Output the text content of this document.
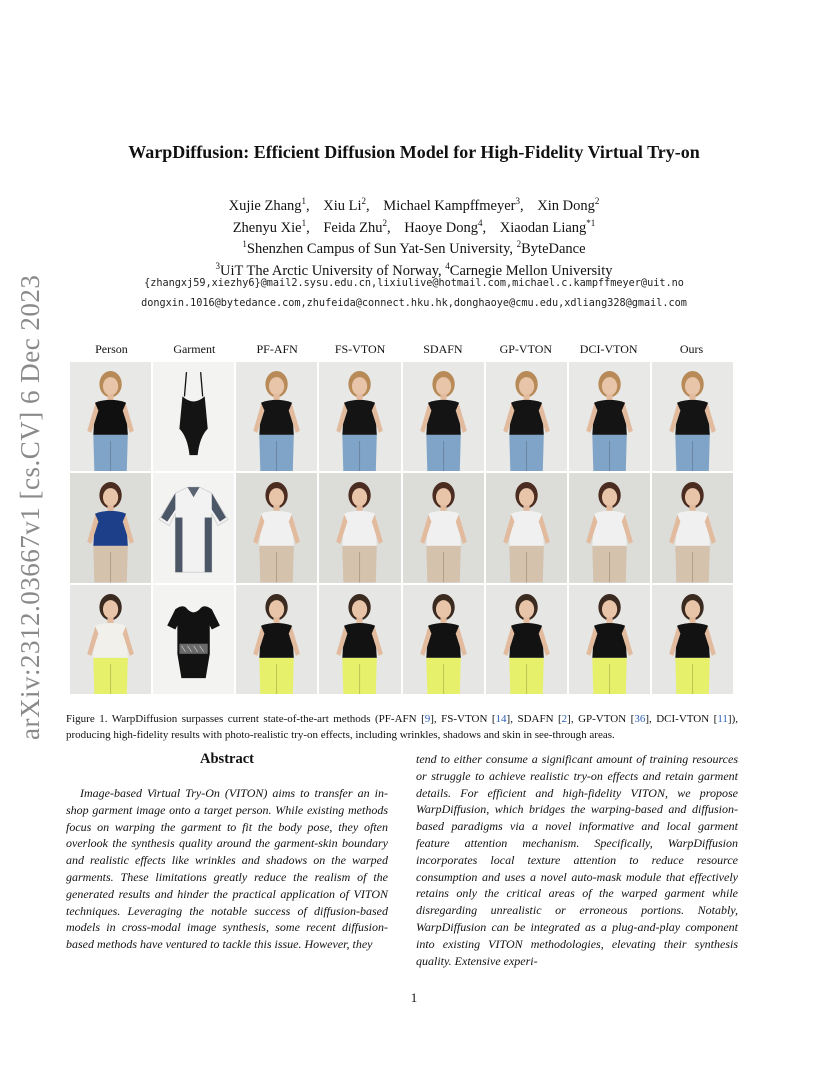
arXiv:2312.03667v1 [cs.CV] 6 Dec 2023
WarpDiffusion: Efficient Diffusion Model for High-Fidelity Virtual Try-on
Xujie Zhang$^1$, Xiu Li$^2$, Michael Kampffmeyer$^3$, Xin Dong$^2$
Zhenyu Xie$^1$, Feida Zhu$^2$, Haoye Dong$^4$, Xiaodan Liang$^{*1}$
$^1$Shenzhen Campus of Sun Yat-Sen University, $^2$ByteDance
$^3$UiT The Arctic University of Norway, $^4$Carnegie Mellon University
{zhangxj59,xiezhy6}@mail2.sysu.edu.cn,lixiulive@hotmail.com,michael.c.kampffmeyer@uit.no
dongxin.1016@bytedance.com,zhufeida@connect.hku.hk,donghaoye@cmu.edu,xdliang328@gmail.com
Person	Garment	PF-AFN	FS-VTON	SDAFN	GP-VTON	DCI-VTON	Ours
Figure 1. WarpDiffusion surpasses current state-of-the-art methods (PF-AFN [9], FS-VTON [14], SDAFN [2], GP-VTON [36], DCI-VTON [11]), producing high-fidelity results with photo-realistic try-on effects, including wrinkles, shadows and skin in see-through areas.
Abstract

Image-based Virtual Try-On (VITON) aims to transfer an in-shop garment image onto a target person. While existing methods focus on warping the garment to fit the body pose, they often overlook the synthesis quality around the garment-skin boundary and realistic effects like wrinkles and shadows on the warped garments. These limitations greatly reduce the realism of the generated results and hinder the practical application of VITON techniques. Leveraging the notable success of diffusion-based models in cross-modal image synthesis, some recent diffusion-based methods have ventured to tackle this issue. However, they

tend to either consume a significant amount of training resources or struggle to achieve realistic try-on effects and retain garment details. For efficient and high-fidelity VITON, we propose WarpDiffusion, which bridges the warping-based and diffusion-based paradigms via a novel informative and local garment feature attention mechanism. Specifically, WarpDiffusion incorporates local texture attention to reduce resource consumption and uses a novel auto-mask module that effectively retains only the critical areas of the warped garment while disregarding unrealistic or erroneous portions. Notably, WarpDiffusion can be integrated as a plug-and-play component into existing VITON methodologies, elevating their synthesis quality. Extensive experi-

1
